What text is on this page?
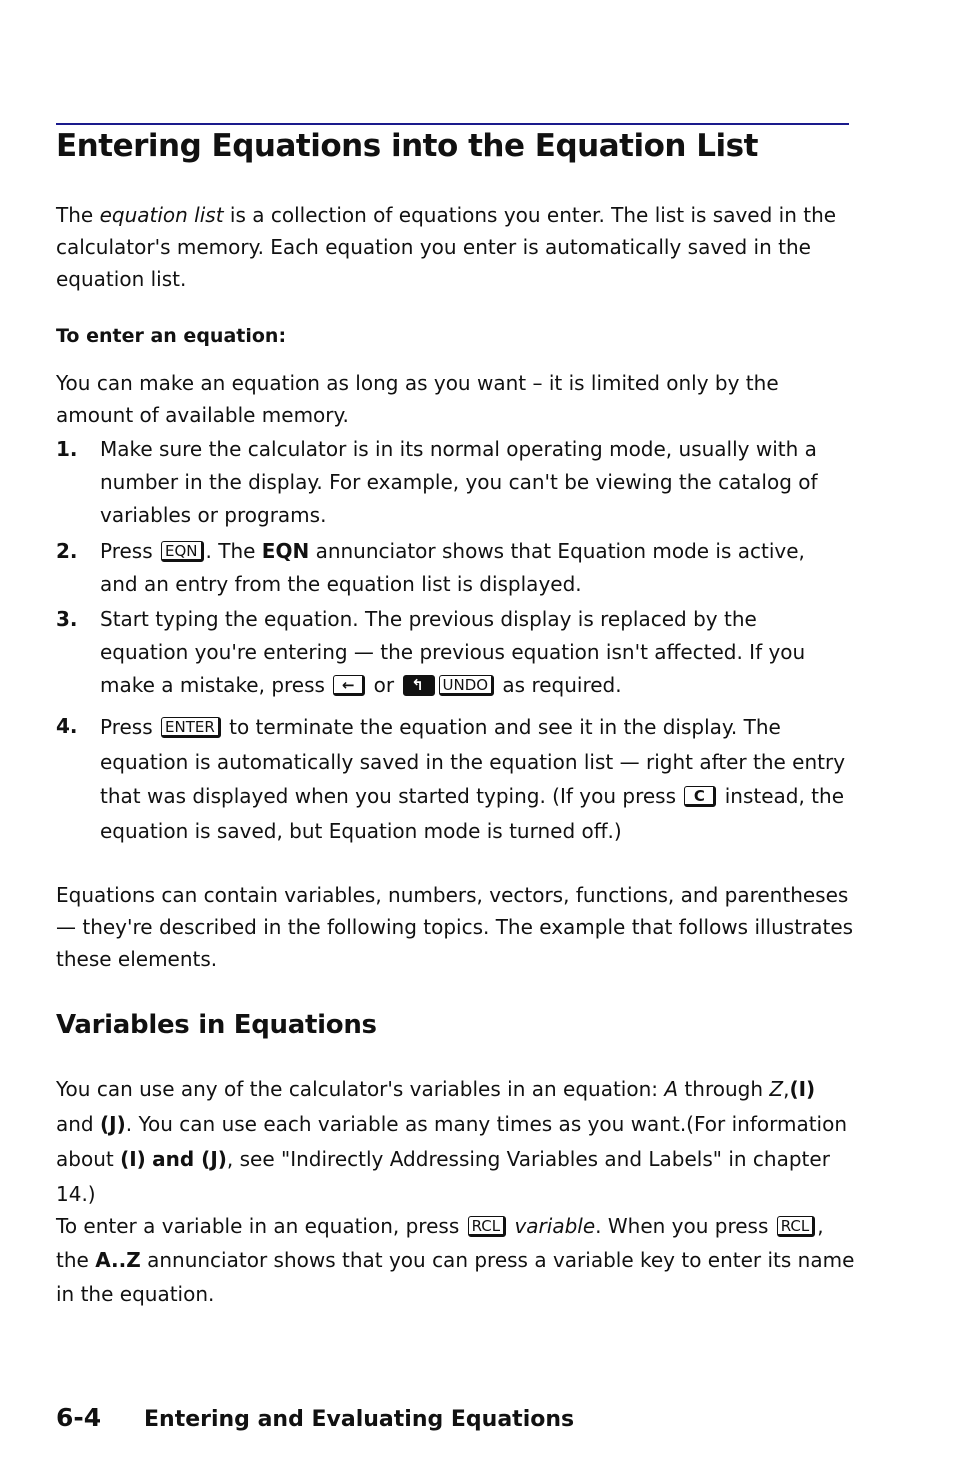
Entering Equations into the Equation List

The equation list is a collection of equations you enter. The list is saved in the calculator's memory. Each equation you enter is automatically saved in the equation list.

To enter an equation:

You can make an equation as long as you want – it is limited only by the amount of available memory.

1. Make sure the calculator is in its normal operating mode, usually with a number in the display. For example, you can't be viewing the catalog of variables or programs.
2. Press EQN . The EQN annunciator shows that Equation mode is active, and an entry from the equation list is displayed.
3. Start typing the equation. The previous display is replaced by the equation you're entering — the previous equation isn't affected. If you make a mistake, press ← or ↰ UNDO as required.
4. Press ENTER to terminate the equation and see it in the display. The equation is automatically saved in the equation list — right after the entry that was displayed when you started typing. (If you press C instead, the equation is saved, but Equation mode is turned off.)

Equations can contain variables, numbers, vectors, functions, and parentheses — they're described in the following topics. The example that follows illustrates these elements.

Variables in Equations

You can use any of the calculator's variables in an equation: A through Z,(I) and (J). You can use each variable as many times as you want.(For information about (I) and (J), see "Indirectly Addressing Variables and Labels" in chapter 14.)

To enter a variable in an equation, press RCL variable. When you press RCL , the A..Z annunciator shows that you can press a variable key to enter its name in the equation.

6-4 Entering and Evaluating Equations
